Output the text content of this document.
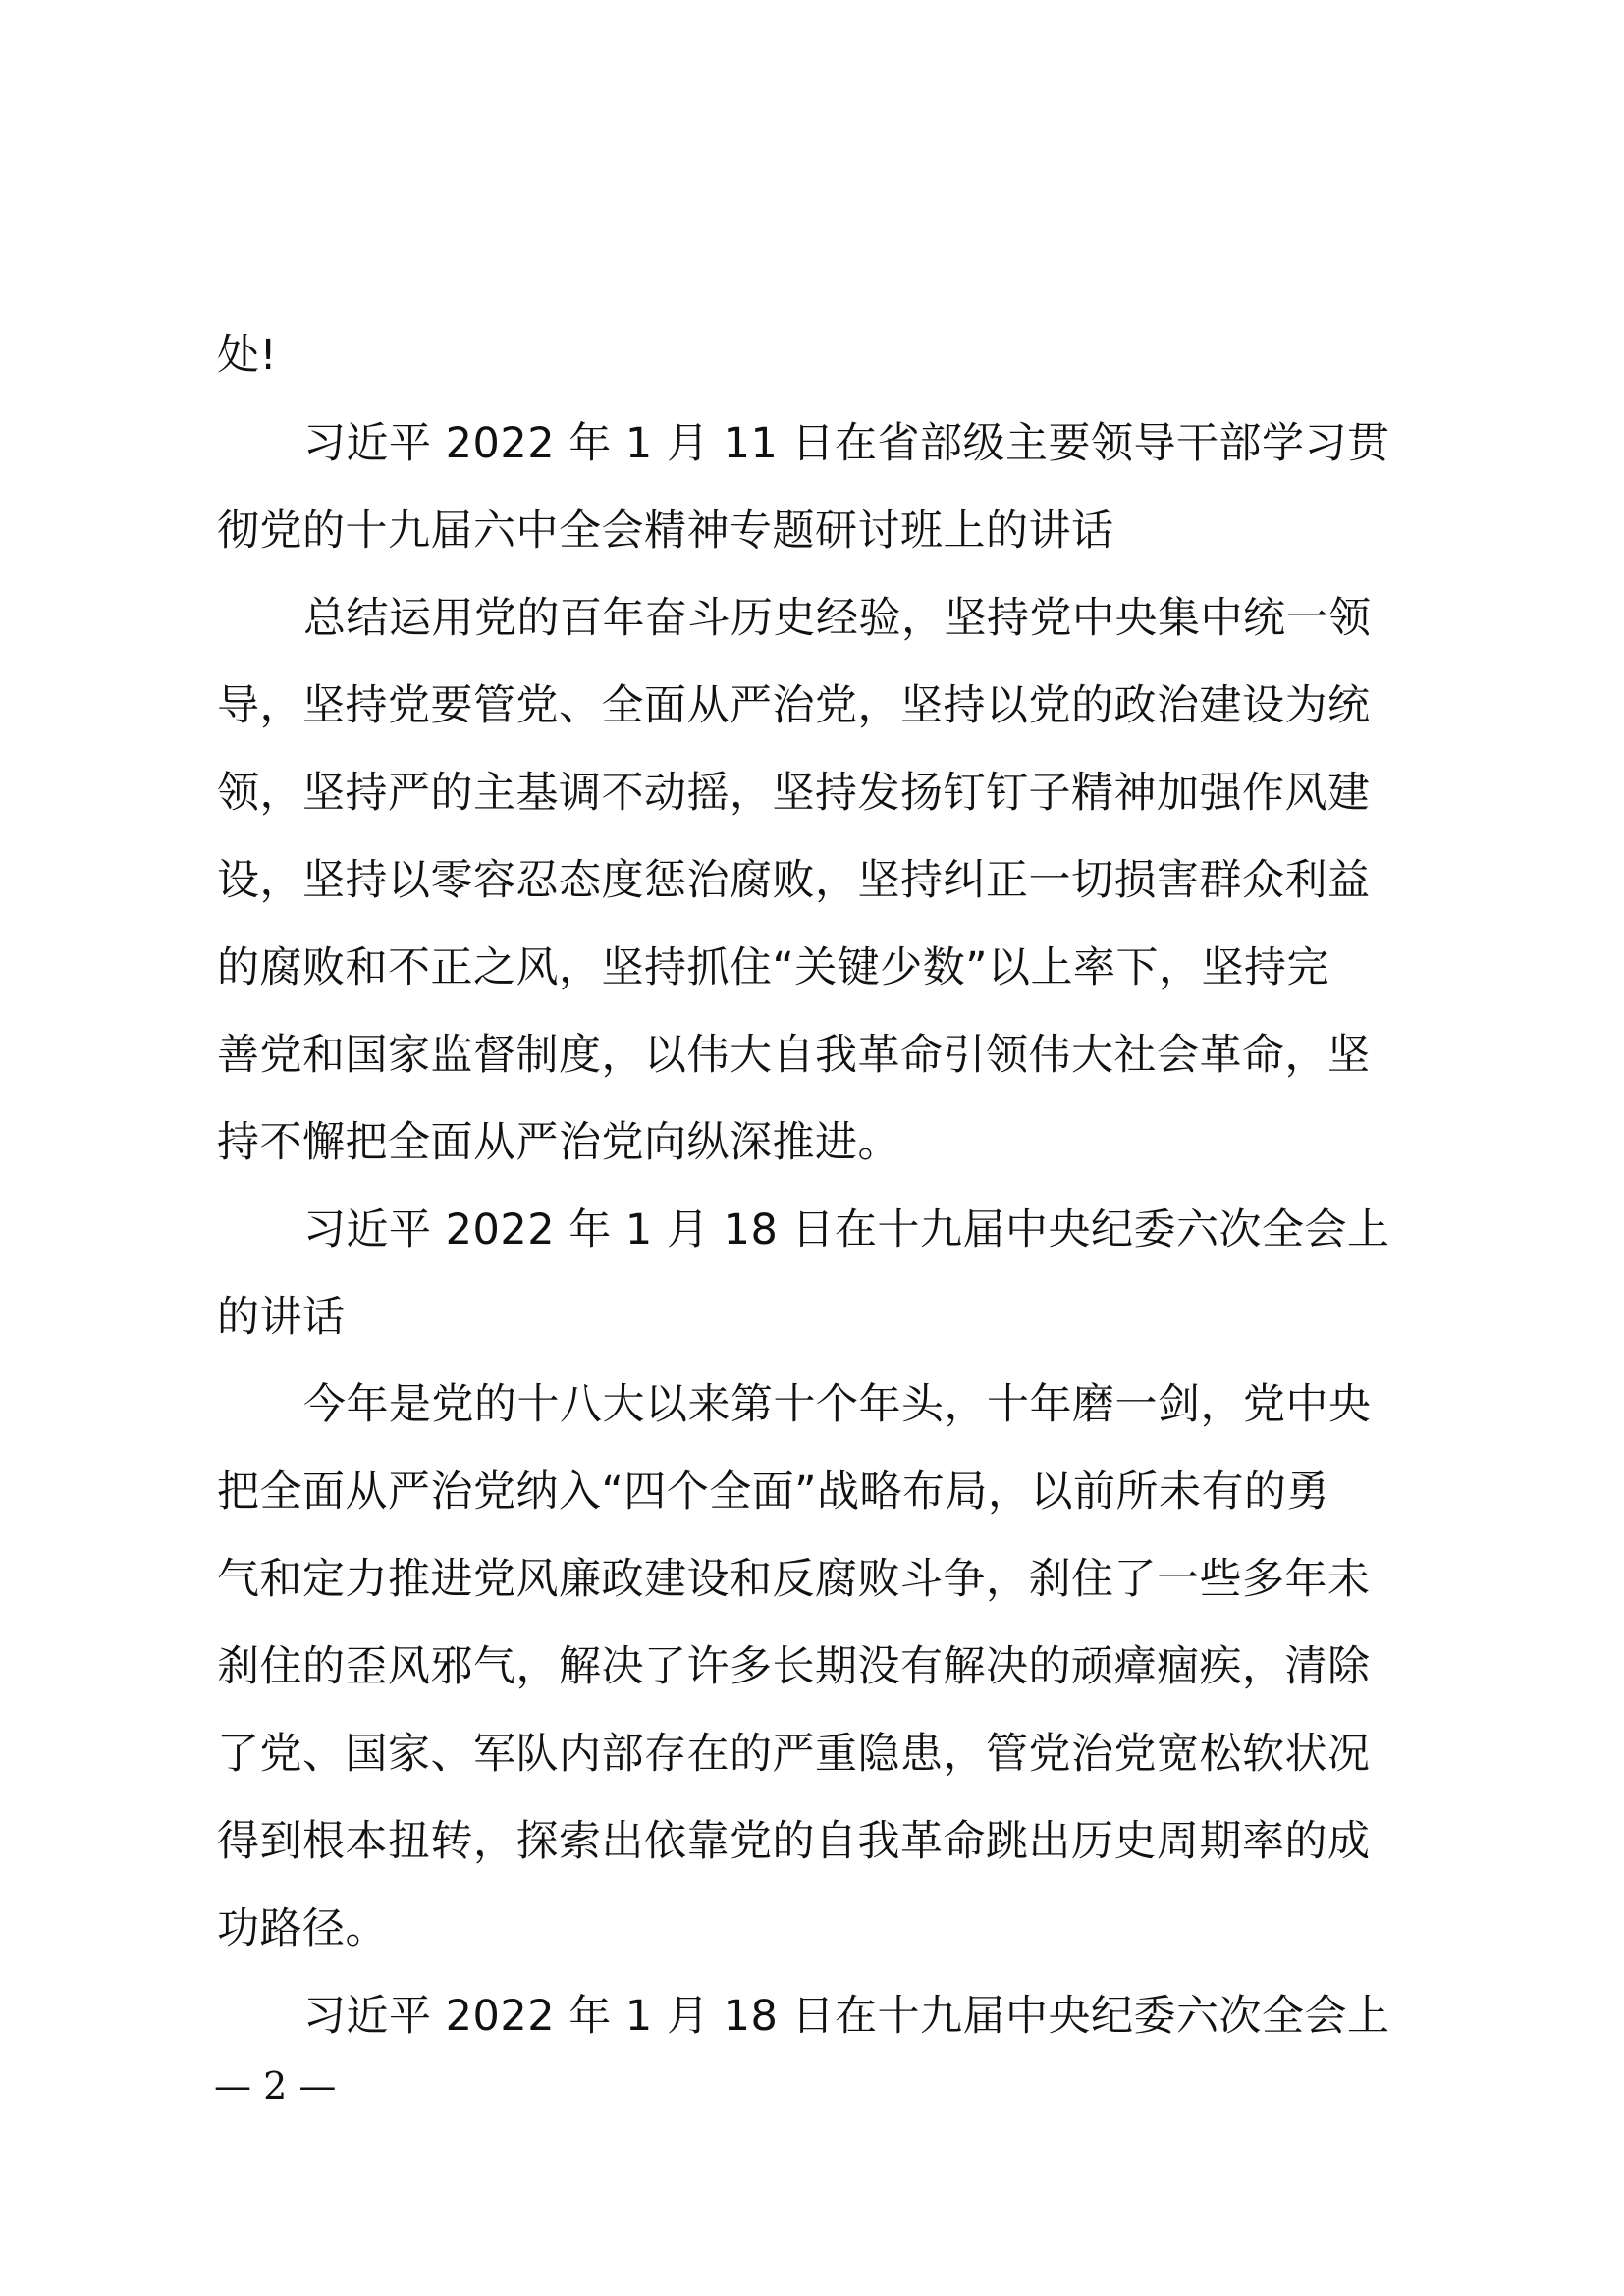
处!
习近平 2022 年 1 月 11 日在省部级主要领导干部学习贯
彻党的十九届六中全会精神专题研讨班上的讲话
总结运用党的百年奋斗历史经验，坚持党中央集中统一领
导，坚持党要管党、全面从严治党，坚持以党的政治建设为统
领，坚持严的主基调不动摇，坚持发扬钉钉子精神加强作风建
设，坚持以零容忍态度惩治腐败，坚持纠正一切损害群众利益
的腐败和不正之风，坚持抓住“关键少数”以上率下，坚持完
善党和国家监督制度，以伟大自我革命引领伟大社会革命，坚
持不懈把全面从严治党向纵深推进。
习近平 2022 年 1 月 18 日在十九届中央纪委六次全会上
的讲话
今年是党的十八大以来第十个年头，十年磨一剑，党中央
把全面从严治党纳入“四个全面”战略布局，以前所未有的勇
气和定力推进党风廉政建设和反腐败斗争，刹住了一些多年未
刹住的歪风邪气，解决了许多长期没有解决的顽瘴痼疾，清除
了党、国家、军队内部存在的严重隐患，管党治党宽松软状况
得到根本扭转，探索出依靠党的自我革命跳出历史周期率的成
功路径。
习近平 2022 年 1 月 18 日在十九届中央纪委六次全会上
— 2 —
